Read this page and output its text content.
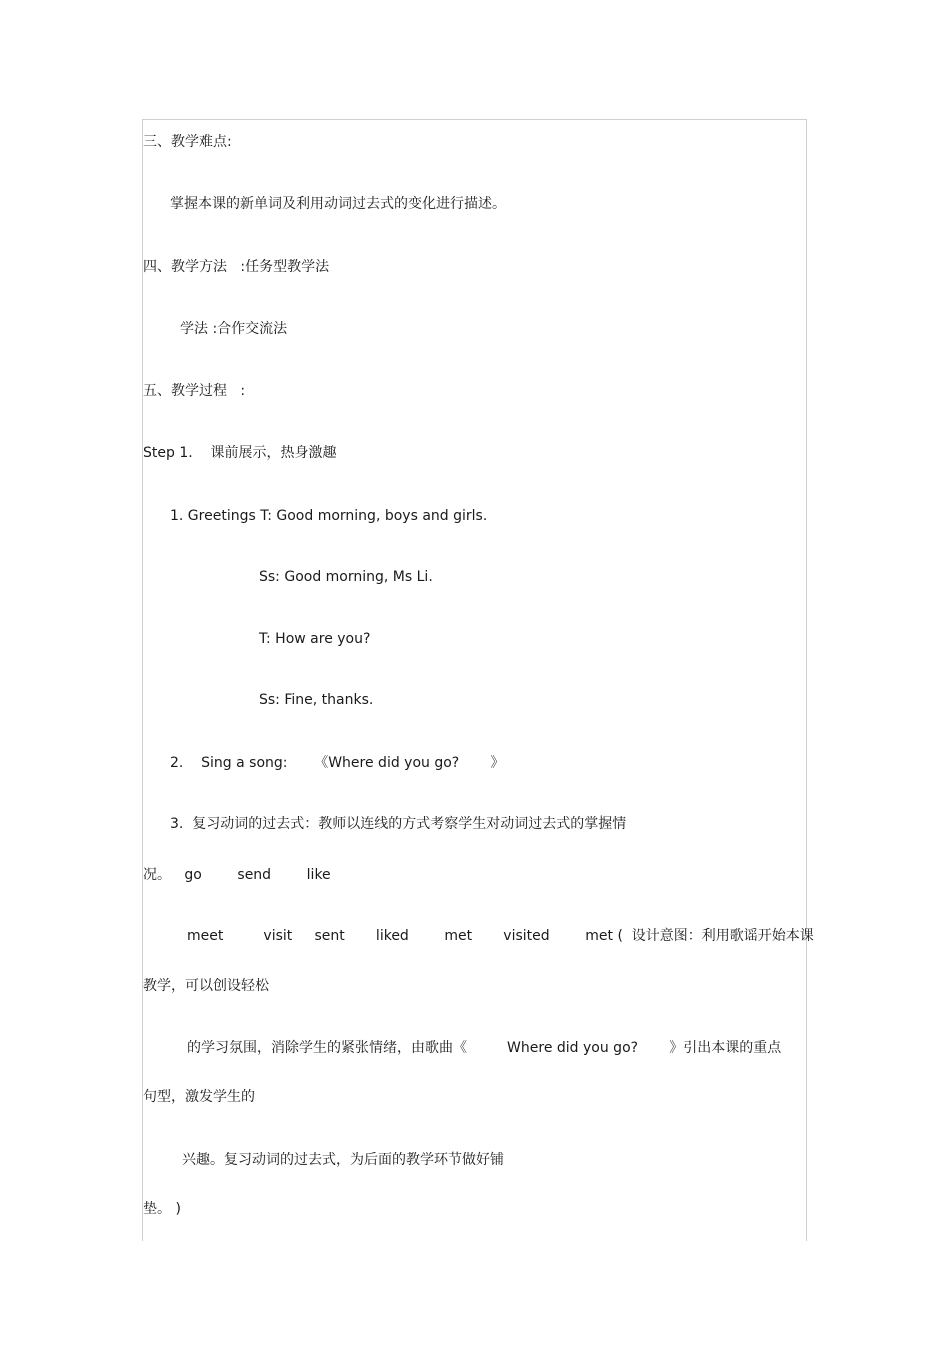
三、教学难点:
掌握本课的新单词及利用动词过去式的变化进行描述。
四、教学方法   :任务型教学法
学法 :合作交流法
五、教学过程   :
Step 1.    课前展示，热身激趣
1. Greetings T: Good morning, boys and girls.
Ss: Good morning, Ms Li.
T: How are you?
Ss: Fine, thanks.
2.    Sing a song:      《Where did you go?       》
3.  复习动词的过去式：教师以连线的方式考察学生对动词过去式的掌握情
况。   go        send        like
meet         visit     sent       liked        met       visited        met (  设计意图：利用歌谣开始本课
教学，可以创设轻松
的学习氛围，消除学生的紧张情绪，由歌曲《         Where did you go?       》引出本课的重点
句型，激发学生的
兴趣。复习动词的过去式，为后面的教学环节做好铺
垫。 )
